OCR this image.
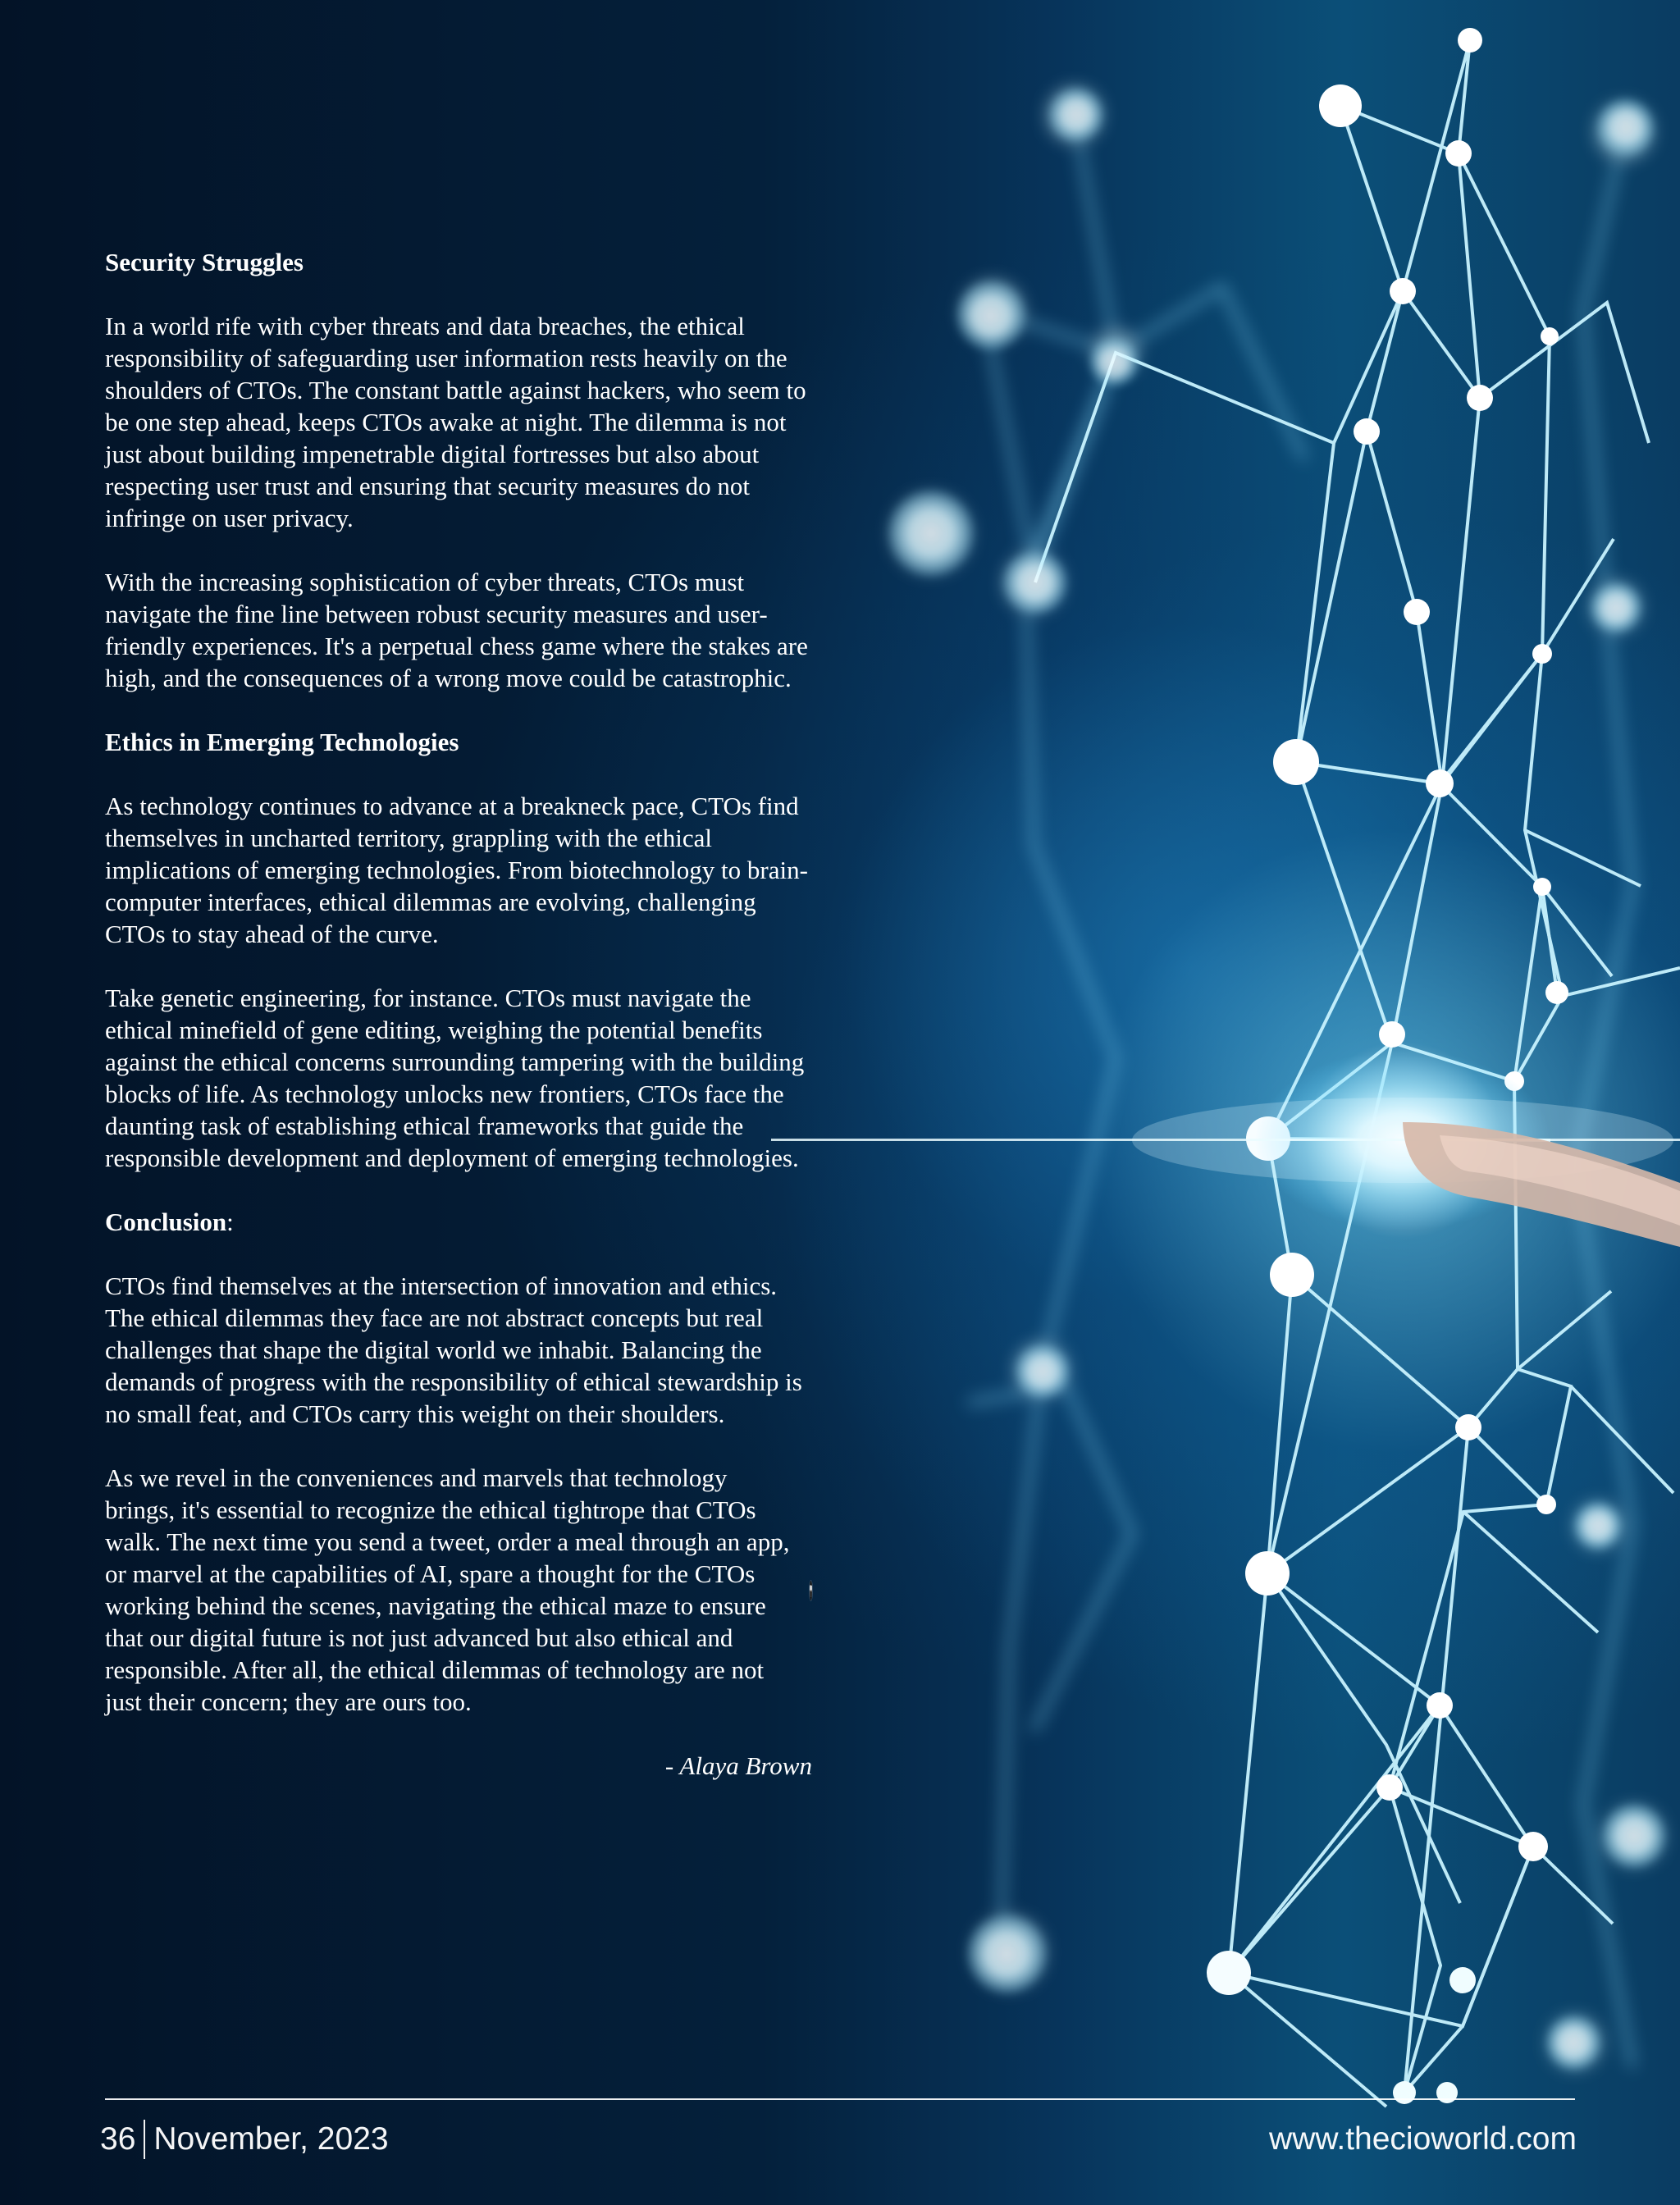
Security Struggles

In a world rife with cyber threats and data breaches, the ethical responsibility of safeguarding user information rests heavily on the shoulders of CTOs. The constant battle against hackers, who seem to be one step ahead, keeps CTOs awake at night. The dilemma is not just about building impenetrable digital fortresses but also about respecting user trust and ensuring that security measures do not infringe on user privacy.

With the increasing sophistication of cyber threats, CTOs must navigate the fine line between robust security measures and user-friendly experiences. It's a perpetual chess game where the stakes are high, and the consequences of a wrong move could be catastrophic.

Ethics in Emerging Technologies

As technology continues to advance at a breakneck pace, CTOs find themselves in uncharted territory, grappling with the ethical implications of emerging technologies. From biotechnology to brain-computer interfaces, ethical dilemmas are evolving, challenging CTOs to stay ahead of the curve.

Take genetic engineering, for instance. CTOs must navigate the ethical minefield of gene editing, weighing the potential benefits against the ethical concerns surrounding tampering with the building blocks of life. As technology unlocks new frontiers, CTOs face the daunting task of establishing ethical frameworks that guide the responsible development and deployment of emerging technologies.

Conclusion :

CTOs find themselves at the intersection of innovation and ethics. The ethical dilemmas they face are not abstract concepts but real challenges that shape the digital world we inhabit. Balancing the demands of progress with the responsibility of ethical stewardship is no small feat, and CTOs carry this weight on their shoulders.

As we revel in the conveniences and marvels that technology brings, it's essential to recognize the ethical tightrope that CTOs walk. The next time you send a tweet, order a meal through an app, or marvel at the capabilities of AI, spare a thought for the CTOs working behind the scenes, navigating the ethical maze to ensure that our digital future is not just advanced but also ethical and responsible. After all, the ethical dilemmas of technology are not just their concern; they are ours too.

- Alaya Brown
36 November, 2023	www.thecioworld.com
